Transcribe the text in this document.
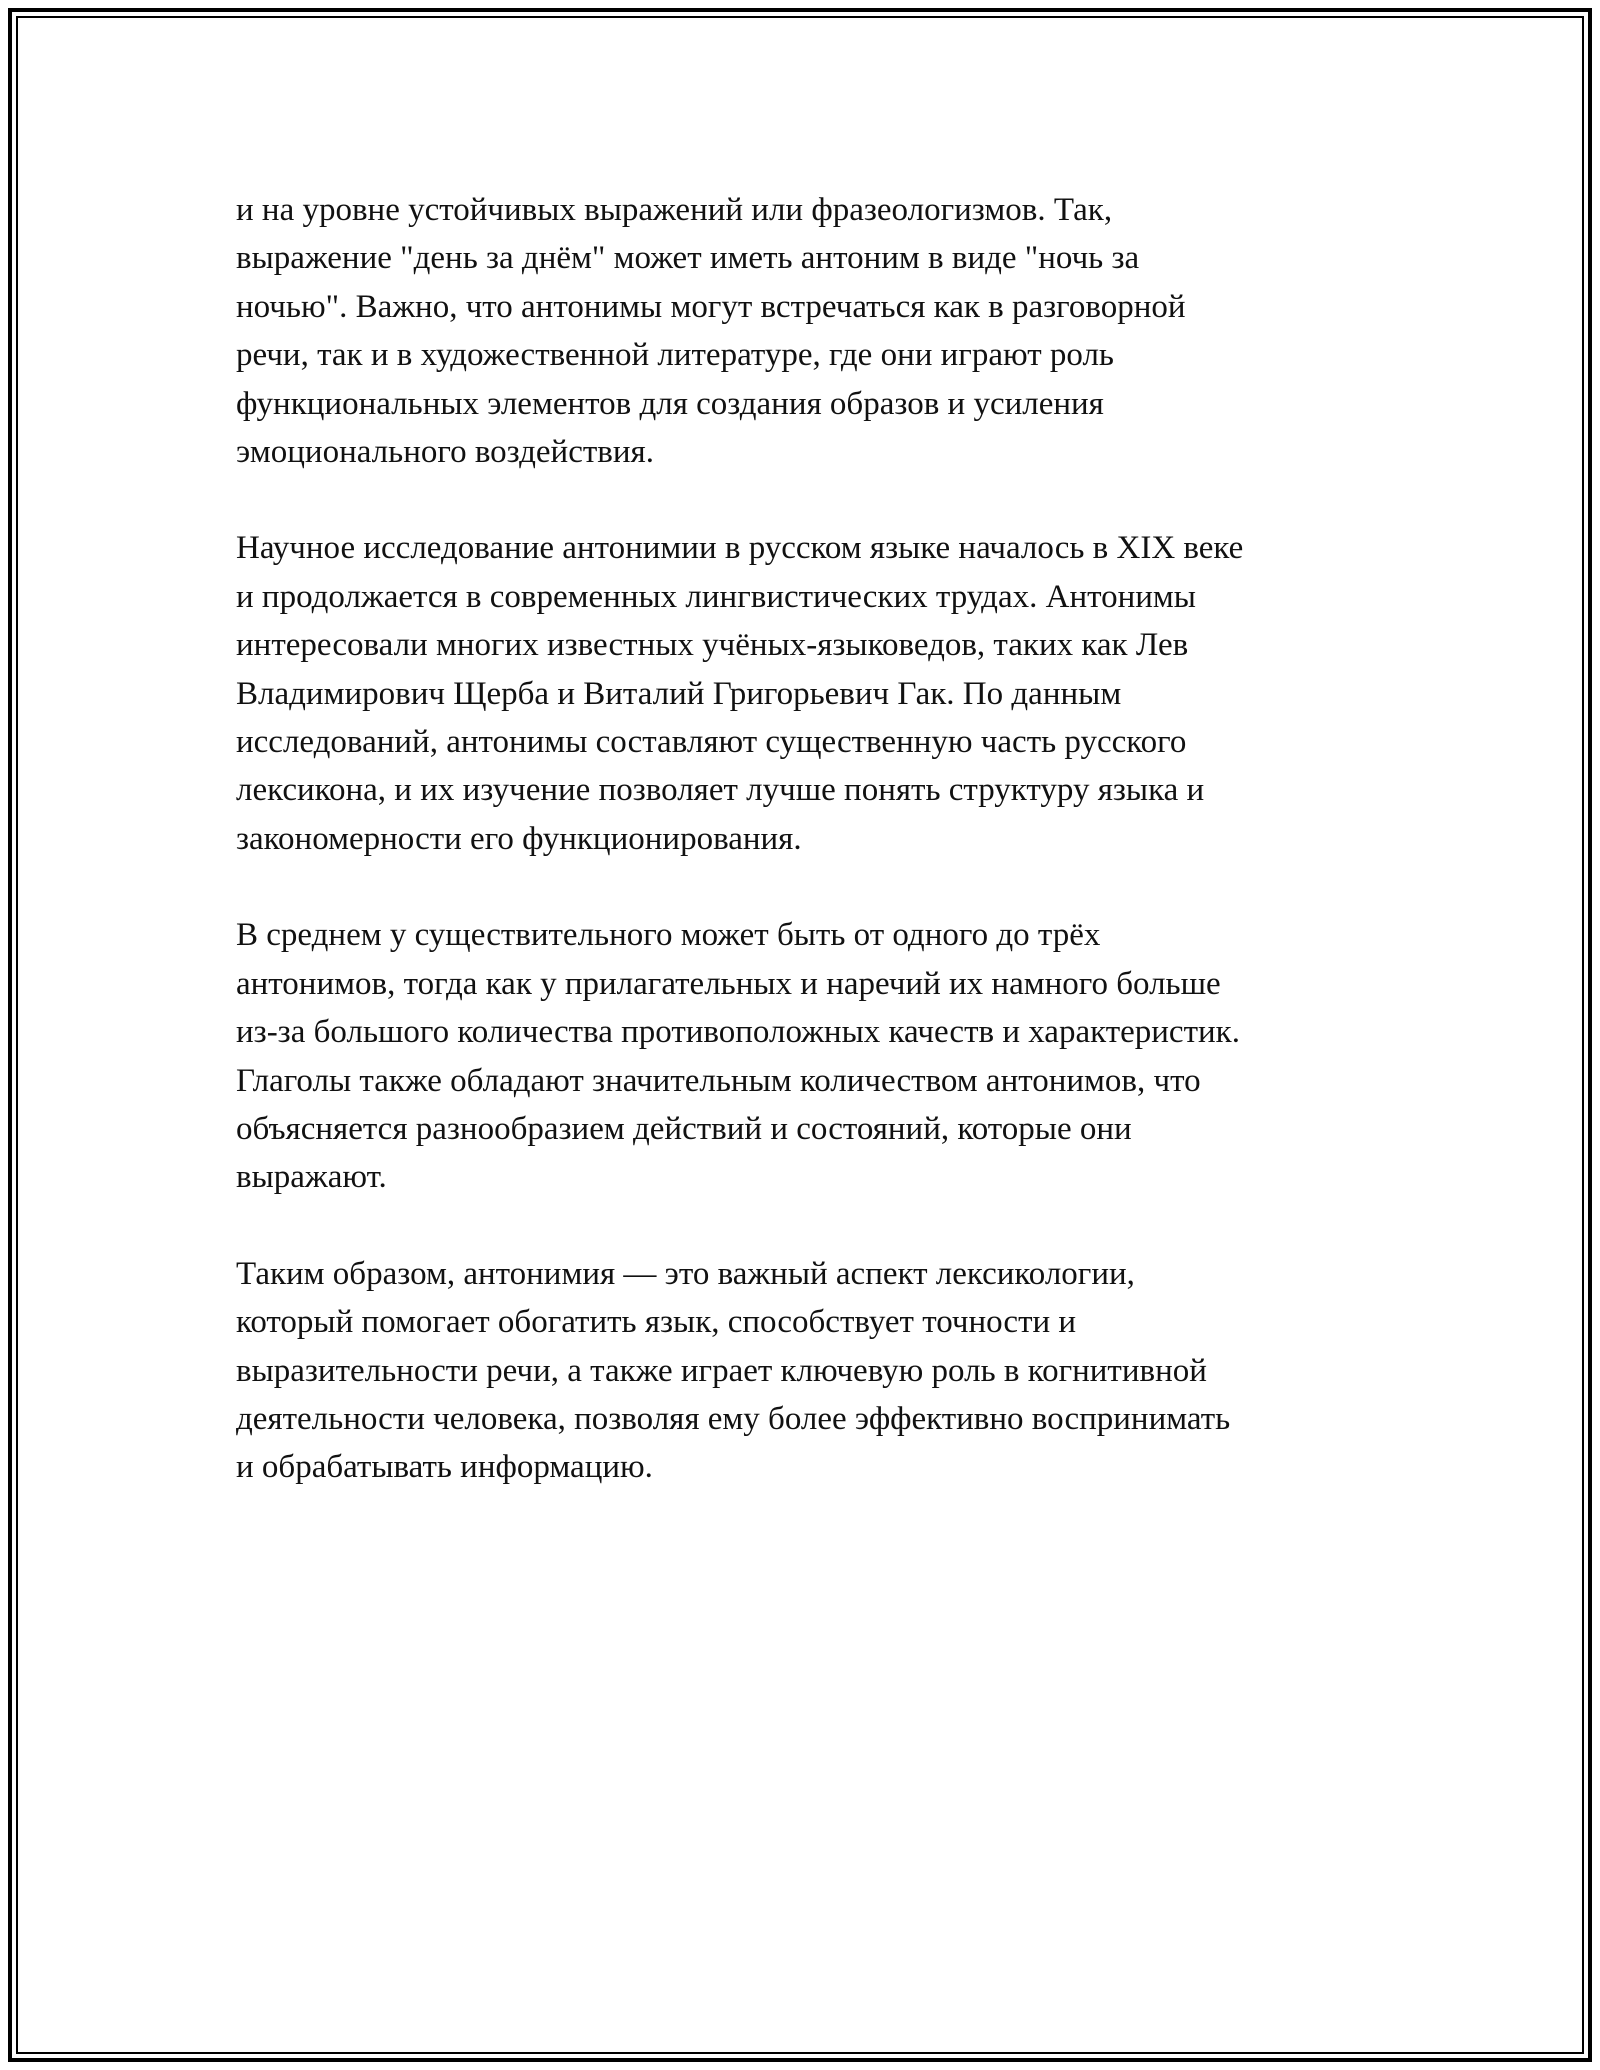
и на уровне устойчивых выражений или фразеологизмов. Так,
выражение "день за днём" может иметь антоним в виде "ночь за
ночью". Важно, что антонимы могут встречаться как в разговорной
речи, так и в художественной литературе, где они играют роль
функциональных элементов для создания образов и усиления
эмоционального воздействия.

Научное исследование антонимии в русском языке началось в XIX веке
и продолжается в современных лингвистических трудах. Антонимы
интересовали многих известных учёных-языковедов, таких как Лев
Владимирович Щерба и Виталий Григорьевич Гак. По данным
исследований, антонимы составляют существенную часть русского
лексикона, и их изучение позволяет лучше понять структуру языка и
закономерности его функционирования.

В среднем у существительного может быть от одного до трёх
антонимов, тогда как у прилагательных и наречий их намного больше
из-за большого количества противоположных качеств и характеристик.
Глаголы также обладают значительным количеством антонимов, что
объясняется разнообразием действий и состояний, которые они
выражают.

Таким образом, антонимия — это важный аспект лексикологии,
который помогает обогатить язык, способствует точности и
выразительности речи, а также играет ключевую роль в когнитивной
деятельности человека, позволяя ему более эффективно воспринимать
и обрабатывать информацию.
